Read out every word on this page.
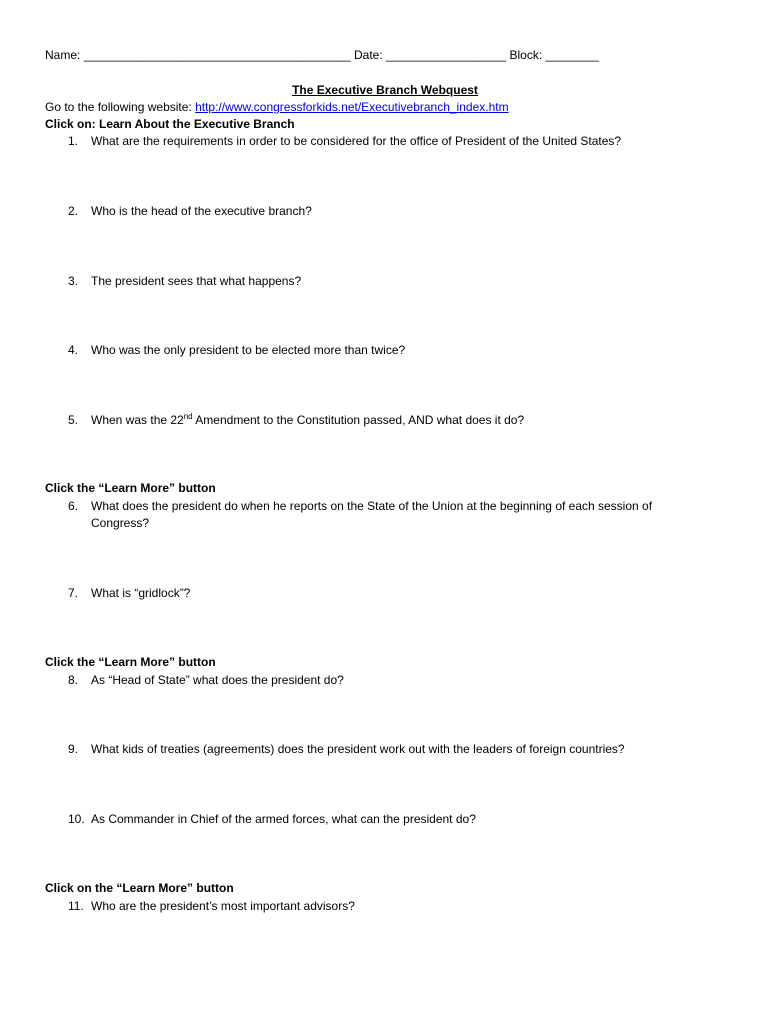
Name: ________________________________________ Date: __________________ Block: ________
The Executive Branch Webquest
Go to the following website: http://www.congressforkids.net/Executivebranch_index.htm
Click on: Learn About the Executive Branch
1.	What are the requirements in order to be considered for the office of President of the United States?
2.	Who is the head of the executive branch?
3.	The president sees that what happens?
4.	Who was the only president to be elected more than twice?
5.	When was the 22nd Amendment to the Constitution passed, AND what does it do?
Click the “Learn More” button
6.	What does the president do when he reports on the State of the Union at the beginning of each session of Congress?
7.	What is “gridlock”?
Click the “Learn More” button
8.	As “Head of State” what does the president do?
9.	What kids of treaties (agreements) does the president work out with the leaders of foreign countries?
10. As Commander in Chief of the armed forces, what can the president do?
Click on the “Learn More” button
11. Who are the president’s most important advisors?
